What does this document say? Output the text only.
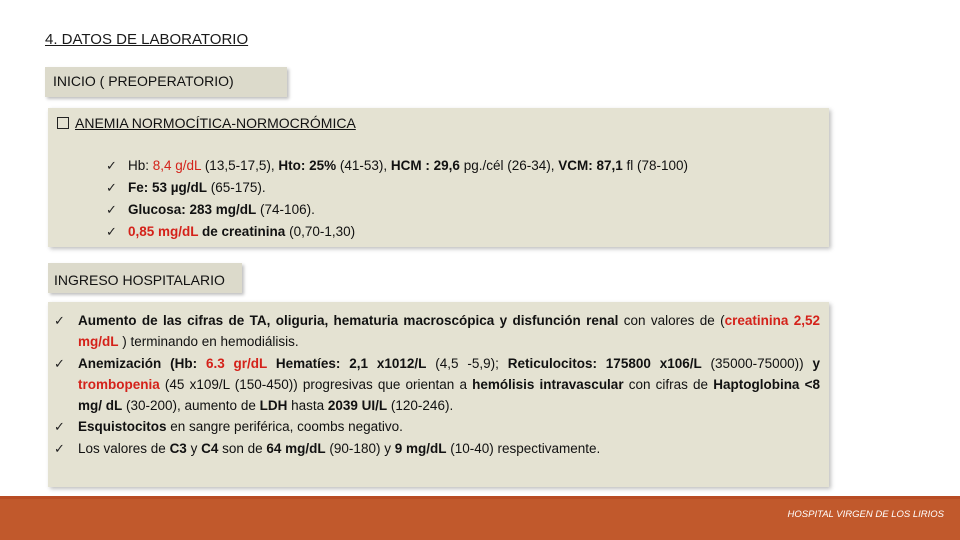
4. DATOS DE LABORATORIO
INICIO ( PREOPERATORIO)
ANEMIA NORMOCÍTICA-NORMOCRÓMICA
✓ Hb: 8,4 g/dL (13,5-17,5), Hto: 25% (41-53), HCM : 29,6 pg./cél (26-34), VCM: 87,1 fl (78-100)
✓ Fe: 53 µg/dL (65-175).
✓ Glucosa: 283 mg/dL (74-106).
✓ 0,85 mg/dL de creatinina (0,70-1,30)
INGRESO HOSPITALARIO
✓ Aumento de las cifras de TA, oliguria, hematuria macroscópica y disfunción renal con valores de (creatinina 2,52 mg/dL ) terminando en hemodiálisis.
✓ Anemización (Hb: 6.3 gr/dL Hematíes: 2,1 x1012/L (4,5 -5,9); Reticulocitos: 175800 x106/L (35000-75000)) y trombopenia (45 x109/L (150-450)) progresivas que orientan a hemólisis intravascular con cifras de Haptoglobina <8 mg/ dL (30-200), aumento de LDH hasta 2039 UI/L (120-246).
✓ Esquistocitos en sangre periférica, coombs negativo.
✓ Los valores de C3 y C4 son de 64 mg/dL (90-180) y 9 mg/dL (10-40) respectivamente.
HOSPITAL VIRGEN DE LOS LIRIOS
